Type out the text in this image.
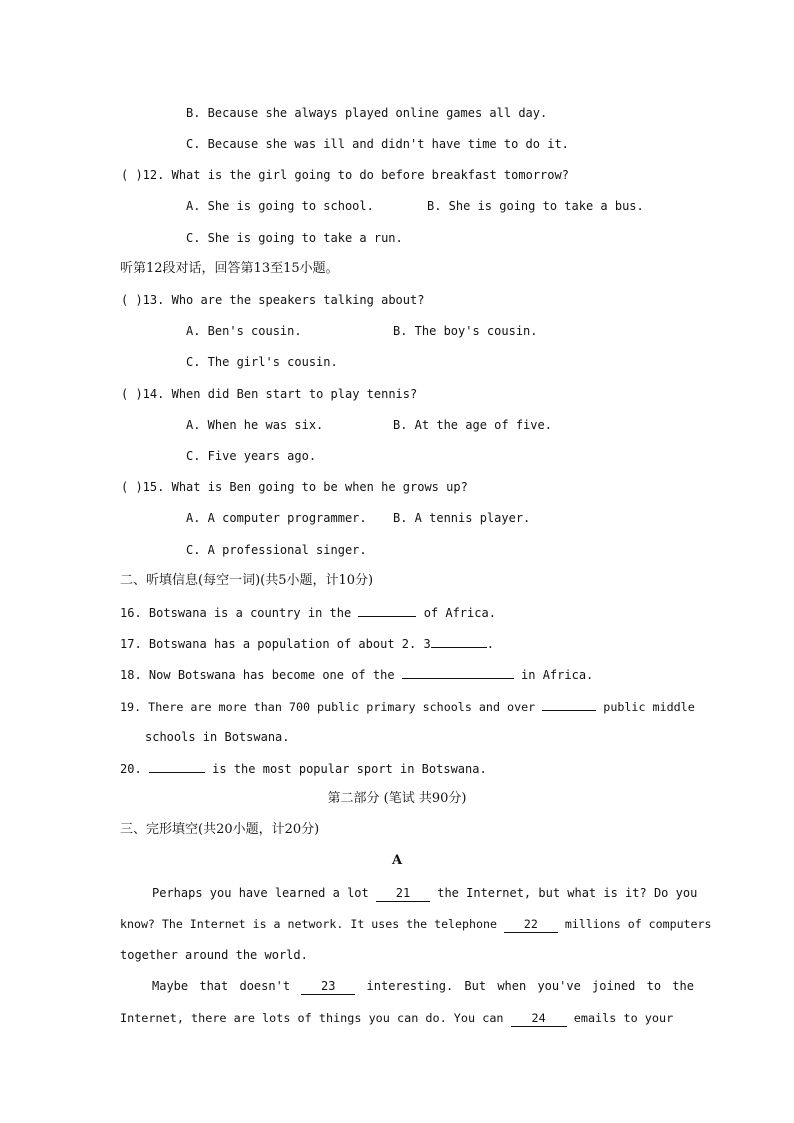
B. Because she always played online games all day.
C. Because she was ill and didn't have time to do it.
( )12. What is the girl going to do before breakfast tomorrow?
A. She is going to school.	B. She is going to take a bus.
C. She is going to take a run.
听第12段对话，回答第13至15小题。
( )13. Who are the speakers talking about?
A. Ben's cousin.	B. The boy's cousin.
C. The girl's cousin.
( )14. When did Ben start to play tennis?
A. When he was six.	B. At the age of five.
C. Five years ago.
( )15. What is Ben going to be when he grows up?
A. A computer programmer. B. A tennis player.
C. A professional singer.
二、听填信息(每空一词)(共5小题，计10分)
16. Botswana is a country in the	of Africa.
17. Botswana has a population of about 2. 3	.
18. Now Botswana has become one of the	in Africa.
19. There are more than 700 public primary schools and over	public middle
schools in Botswana.
20.	is the most popular sport in Botswana.
第二部分 (笔试 共90分)
三、完形填空(共20小题，计20分)
A
Perhaps you have learned a lot 21 the Internet, but what is it? Do you
know? The Internet is a network. It uses the telephone 22 millions of computers
together around the world.
Maybe that doesn't	23	interesting. But when you've joined to the
Internet, there are lots of things you can do. You can 24 emails to your
